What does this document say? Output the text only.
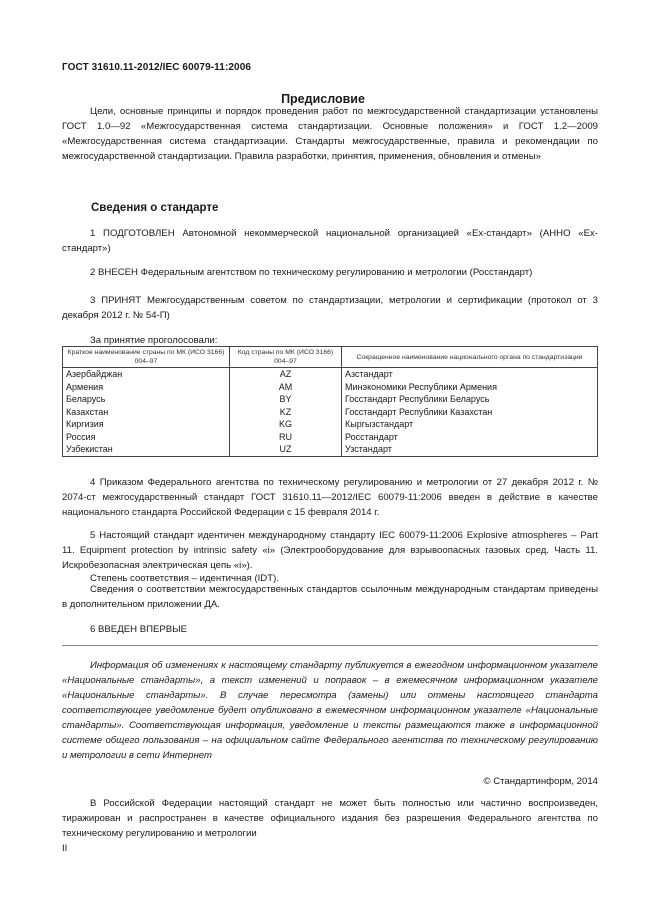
ГОСТ 31610.11-2012/IEC 60079-11:2006
Предисловие
Цели, основные принципы и порядок проведения работ по межгосударственной стандартизации установлены ГОСТ 1.0—92 «Межгосударственная система стандартизации. Основные положения» и ГОСТ 1.2—2009 «Межгосударственная система стандартизации. Стандарты межгосударственные, правила и рекомендации по межгосударственной стандартизации. Правила разработки, принятия, применения, обновления и отмены»
Сведения о стандарте
1 ПОДГОТОВЛЕН Автономной некоммерческой национальной организацией «Ех-стандарт» (АННО «Ех-стандарт»)
2 ВНЕСЕН Федеральным агентством по техническому регулированию и метрологии (Росстандарт)
3 ПРИНЯТ Межгосударственным советом по стандартизации, метрологии и сертификации (протокол от 3 декабря 2012 г. № 54-П)
За принятие проголосовали:
Краткое наименование страны по МК (ИСО 3166) 004–97	Код страны по МК (ИСО 3166) 004–97	Сокращенное наименование национального органа по стандартизации
Азербайджан	AZ	Азстандарт
Армения	AM	Минэкономики Республики Армения
Беларусь	BY	Госстандарт Республики Беларусь
Казахстан	KZ	Госстандарт Республики Казахстан
Киргизия	KG	Кыргызстандарт
Россия	RU	Росстандарт
Узбекистан	UZ	Узстандарт
4 Приказом Федерального агентства по техническому регулированию и метрологии от 27 декабря 2012 г. № 2074-ст межгосударственный стандарт ГОСТ 31610.11—2012/IEC 60079-11:2006 введен в действие в качестве национального стандарта Российской Федерации с 15 февраля 2014 г.
5 Настоящий стандарт идентичен международному стандарту IEC 60079-11:2006 Explosive atmospheres – Part 11. Equipment protection by intrinsic safety «i» (Электрооборудование для взрывоопасных газовых сред. Часть 11. Искробезопасная электрическая цепь «i»).
Степень соответствия – идентичная (IDT).
Сведения о соответствии межгосударственных стандартов ссылочным международным стандартам приведены в дополнительном приложении ДА.
6 ВВЕДЕН ВПЕРВЫЕ
Информация об изменениях к настоящему стандарту публикуется в ежегодном информационном указателе «Национальные стандарты», а текст изменений и поправок – в ежемесячном информационном указателе «Национальные стандарты». В случае пересмотра (замены) или отмены настоящего стандарта соответствующее уведомление будет опубликовано в ежемесячном информационном указателе «Национальные стандарты». Соответствующая информация, уведомление и тексты размещаются также в информационной системе общего пользования – на официальном сайте Федерального агентства по техническому регулированию и метрологии в сети Интернет
© Стандартинформ, 2014
В Российской Федерации настоящий стандарт не может быть полностью или частично воспроизведен, тиражирован и распространен в качестве официального издания без разрешения Федерального агентства по техническому регулированию и метрологии
II
